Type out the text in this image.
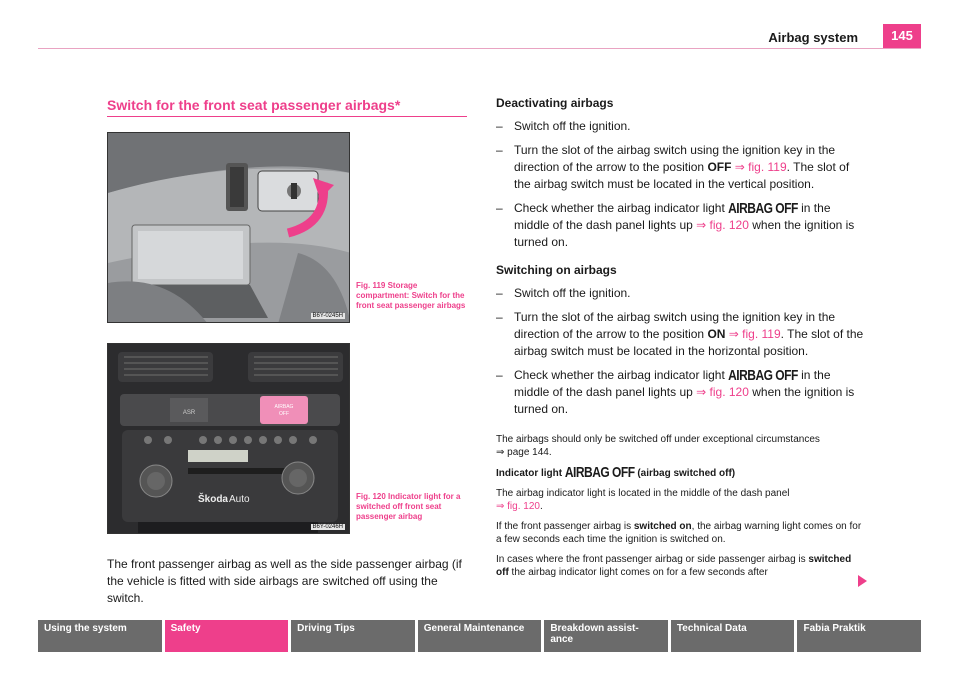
Airbag system	145
Switch for the front seat passenger airbags*
B6Y-0245H
Fig. 119 Storage compartment: Switch for the front seat passenger airbags
ASR
AIRBAG
OFF
Škoda Auto
B6Y-0246H
Fig. 120 Indicator light for a switched off front seat passenger airbag
The front passenger airbag as well as the side passenger airbag (if the vehicle is fitted with side airbags are switched off using the switch.
Deactivating airbags
– Switch off the ignition.
– Turn the slot of the airbag switch using the ignition key in the direction of the arrow to the position OFF ⇒ fig. 119. The slot of the airbag switch must be located in the vertical position.
– Check whether the airbag indicator light AIRBAG OFF in the middle of the dash panel lights up ⇒ fig. 120 when the ignition is turned on.
Switching on airbags
– Switch off the ignition.
– Turn the slot of the airbag switch using the ignition key in the direction of the arrow to the position ON ⇒ fig. 119. The slot of the airbag switch must be located in the horizontal position.
– Check whether the airbag indicator light AIRBAG OFF in the middle of the dash panel lights up ⇒ fig. 120 when the ignition is turned on.
The airbags should only be switched off under exceptional circumstances
⇒ page 144.
Indicator light AIRBAG OFF (airbag switched off)
The airbag indicator light is located in the middle of the dash panel
⇒ fig. 120.
If the front passenger airbag is switched on, the airbag warning light comes on for a few seconds each time the ignition is switched on.
In cases where the front passenger airbag or side passenger airbag is switched off the airbag indicator light comes on for a few seconds after
Using the system	Safety	Driving Tips	General Maintenance	Breakdown assist-
ance
Technical Data	Fabia Praktik
